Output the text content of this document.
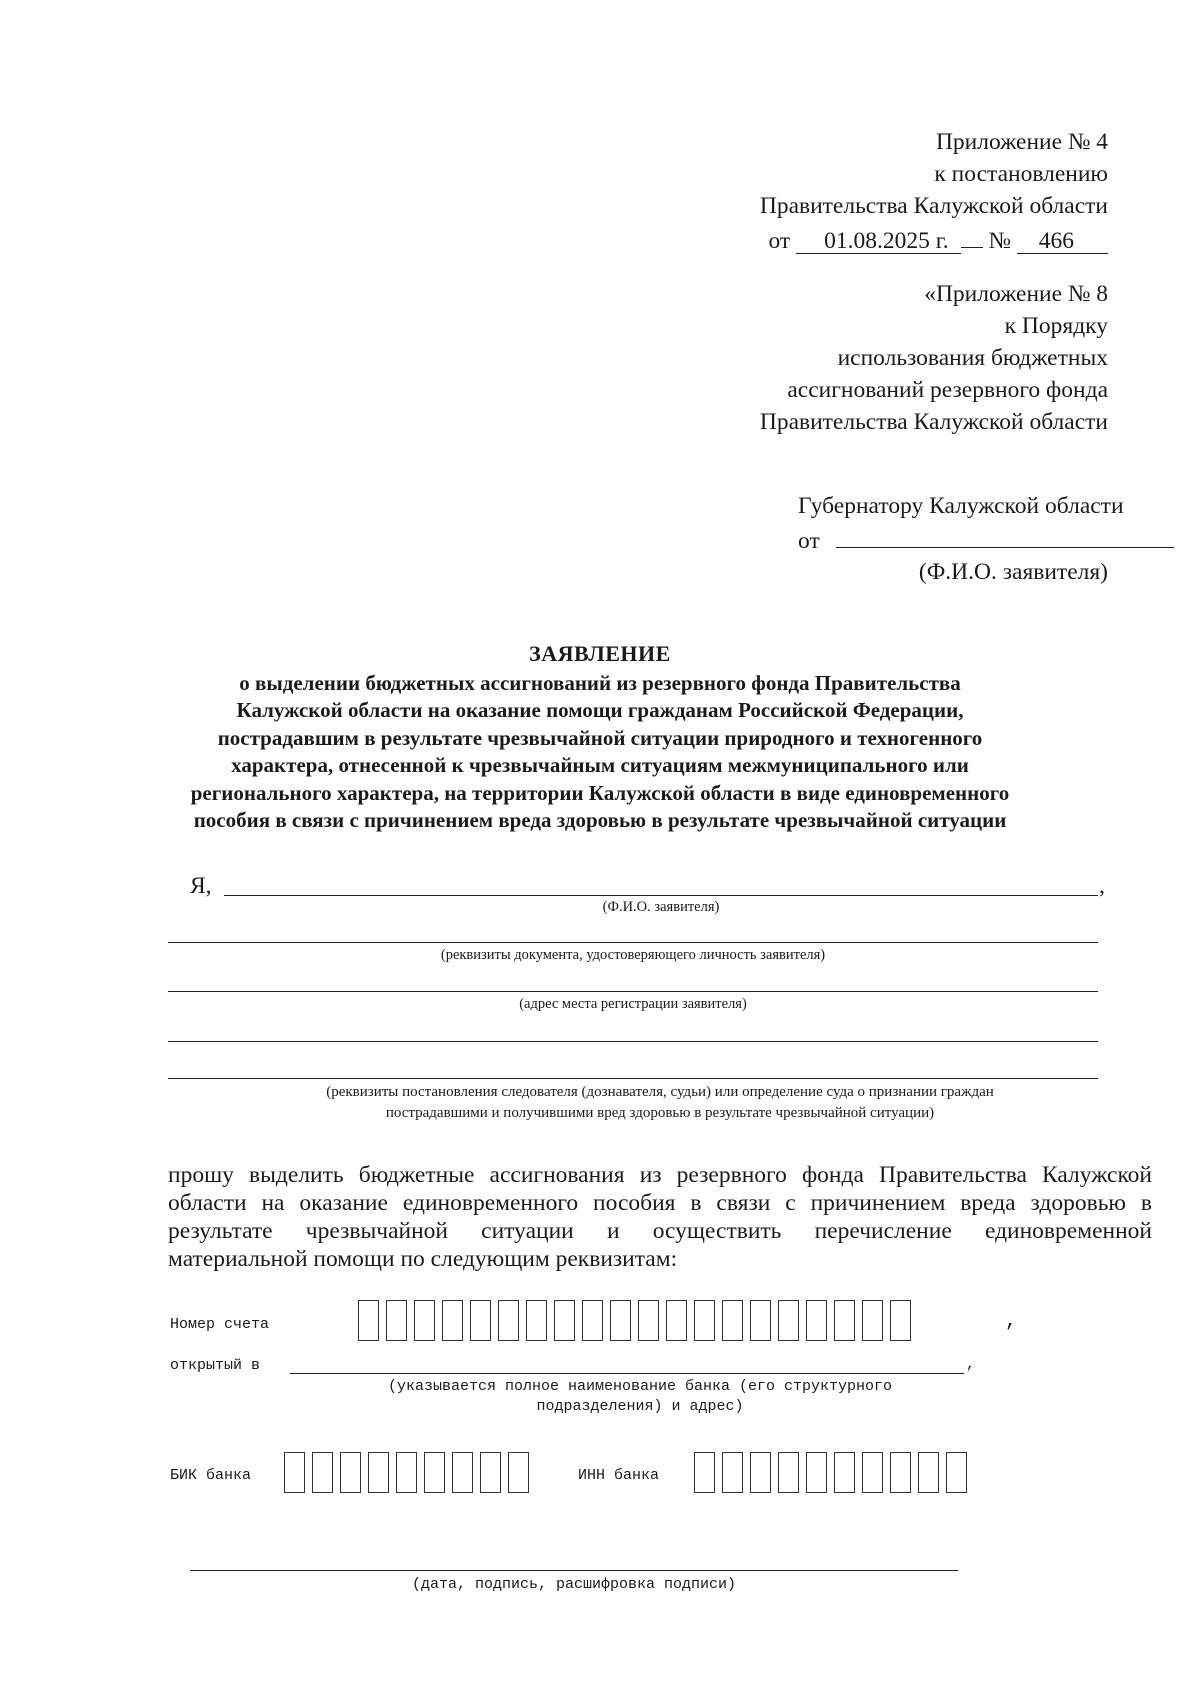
Приложение № 4
к постановлению
Правительства Калужской области
от 01.08.2025 г. № 466
«Приложение № 8
к Порядку
использования бюджетных
ассигнований резервного фонда
Правительства Калужской области
Губернатору Калужской области
от
(Ф.И.О. заявителя)
ЗАЯВЛЕНИЕ
о выделении бюджетных ассигнований из резервного фонда Правительства
Калужской области на оказание помощи гражданам Российской Федерации,
пострадавшим в результате чрезвычайной ситуации природного и техногенного
характера, отнесенной к чрезвычайным ситуациям межмуниципального или
регионального характера, на территории Калужской области в виде единовременного
пособия в связи с причинением вреда здоровью в результате чрезвычайной ситуации
Я,	,
(Ф.И.О. заявителя)
(реквизиты документа, удостоверяющего личность заявителя)
(адрес места регистрации заявителя)
(реквизиты постановления следователя (дознавателя, судьи) или определение суда о признании граждан
пострадавшими и получившими вред здоровью в результате чрезвычайной ситуации)
прошу выделить бюджетные ассигнования из резервного фонда Правительства Калужской
области на оказание единовременного пособия в связи с причинением вреда здоровью в
результате чрезвычайной ситуации и осуществить перечисление единовременной
материальной помощи по следующим реквизитам:
Номер счета	,
открытый в	,
(указывается полное наименование банка (его структурного
подразделения) и адрес)
БИК банка	ИНН банка
(дата, подпись, расшифровка подписи)
